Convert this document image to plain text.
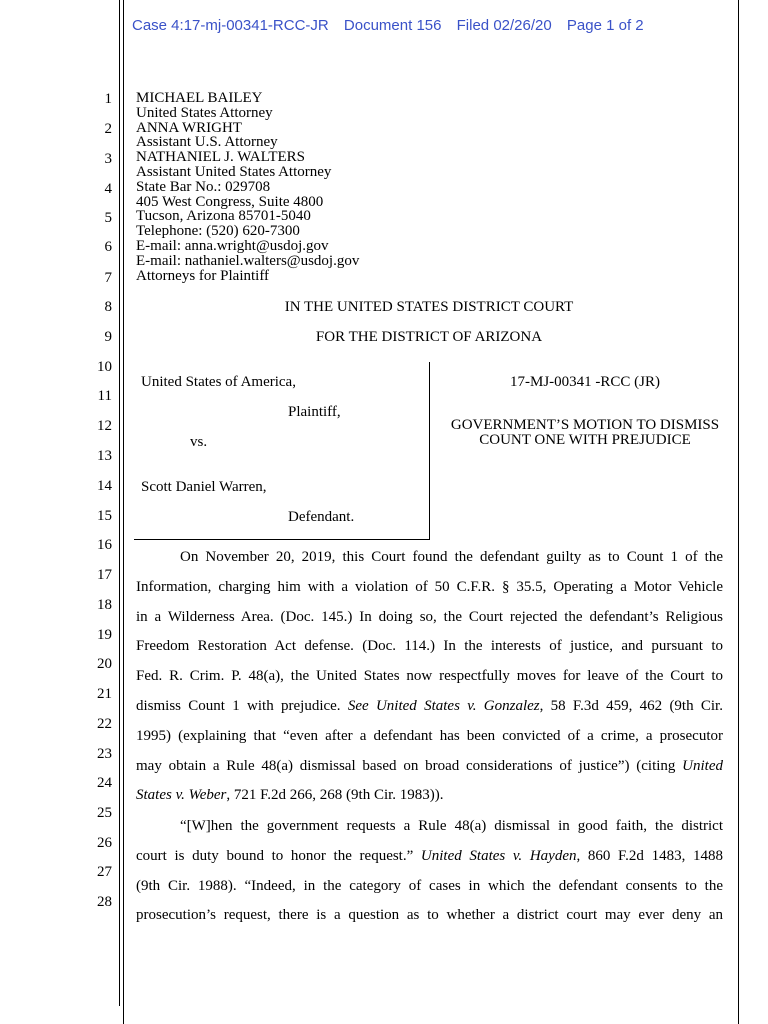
Case 4:17-mj-00341-RCC-JR Document 156 Filed 02/26/20 Page 1 of 2
1
2
3
4
5
6
7
8
9
10
11
12
13
14
15
16
17
18
19
20
21
22
23
24
25
26
27
28
MICHAEL BAILEY
United States Attorney
ANNA WRIGHT
Assistant U.S. Attorney
NATHANIEL J. WALTERS
Assistant United States Attorney
State Bar No.: 029708
405 West Congress, Suite 4800
Tucson, Arizona 85701-5040
Telephone: (520) 620-7300
E-mail: anna.wright@usdoj.gov
E-mail: nathaniel.walters@usdoj.gov
Attorneys for Plaintiff
IN THE UNITED STATES DISTRICT COURT
FOR THE DISTRICT OF ARIZONA
United States of America,
Plaintiff,
vs.
Scott Daniel Warren,
Defendant.
17-MJ-00341 -RCC (JR)
GOVERNMENT’S MOTION TO DISMISS
COUNT ONE WITH PREJUDICE
On November 20, 2019, this Court found the defendant guilty as to Count 1 of the
Information, charging him with a violation of 50 C.F.R. § 35.5, Operating a Motor Vehicle
in a Wilderness Area. (Doc. 145.) In doing so, the Court rejected the defendant’s Religious
Freedom Restoration Act defense. (Doc. 114.) In the interests of justice, and pursuant to
Fed. R. Crim. P. 48(a), the United States now respectfully moves for leave of the Court to
dismiss Count 1 with prejudice. See United States v. Gonzalez, 58 F.3d 459, 462 (9th Cir.
1995) (explaining that “even after a defendant has been convicted of a crime, a prosecutor
may obtain a Rule 48(a) dismissal based on broad considerations of justice”) (citing United
States v. Weber, 721 F.2d 266, 268 (9th Cir. 1983)).
“[W]hen the government requests a Rule 48(a) dismissal in good faith, the district
court is duty bound to honor the request.” United States v. Hayden, 860 F.2d 1483, 1488
(9th Cir. 1988). “Indeed, in the category of cases in which the defendant consents to the
prosecution’s request, there is a question as to whether a district court may ever deny an
